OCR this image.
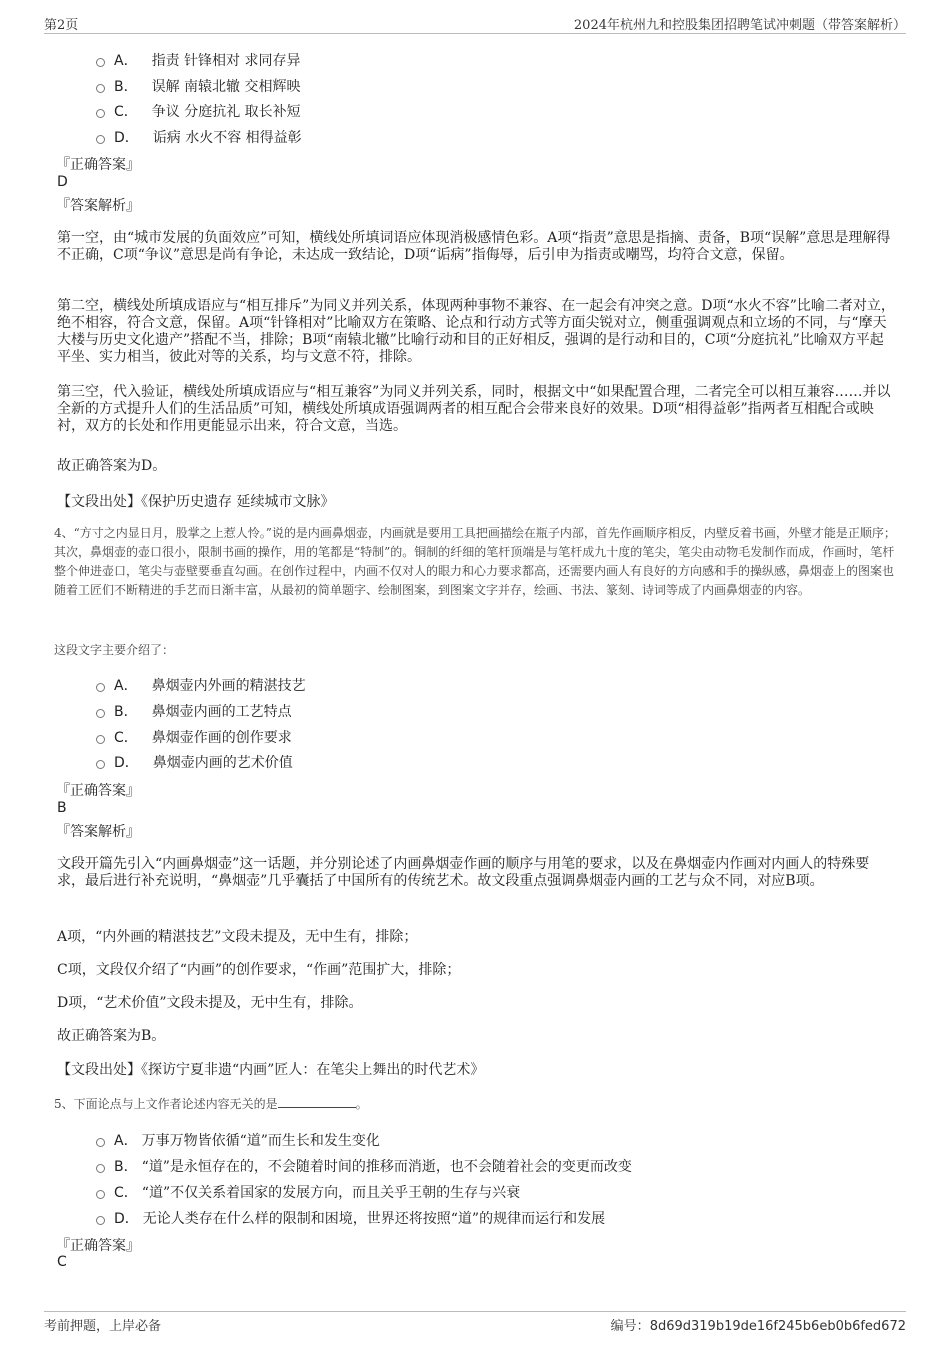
第2页	2024年杭州九和控股集团招聘笔试冲刺题（带答案解析）
A． 指责 针锋相对 求同存异
B． 误解 南辕北辙 交相辉映
C． 争议 分庭抗礼 取长补短
D． 诟病 水火不容 相得益彰
『正确答案』
D
『答案解析』
第一空，由“城市发展的负面效应”可知，横线处所填词语应体现消极感情色彩。A项“指责”意思是指摘、责备，B项“误解”意思是理解得不正确，C项“争议”意思是尚有争论，未达成一致结论，D项“诟病”指侮辱，后引申为指责或嘲骂，均符合文意，保留。
第二空，横线处所填成语应与“相互排斥”为同义并列关系，体现两种事物不兼容、在一起会有冲突之意。D项“水火不容”比喻二者对立，绝不相容，符合文意，保留。A项“针锋相对”比喻双方在策略、论点和行动方式等方面尖锐对立，侧重强调观点和立场的不同，与“摩天大楼与历史文化遗产”搭配不当，排除；B项“南辕北辙”比喻行动和目的正好相反，强调的是行动和目的，C项“分庭抗礼”比喻双方平起平坐、实力相当，彼此对等的关系，均与文意不符，排除。
第三空，代入验证，横线处所填成语应与“相互兼容”为同义并列关系，同时，根据文中“如果配置合理，二者完全可以相互兼容……并以全新的方式提升人们的生活品质”可知，横线处所填成语强调两者的相互配合会带来良好的效果。D项“相得益彰”指两者互相配合或映衬，双方的长处和作用更能显示出来，符合文意，当选。
故正确答案为D。
【文段出处】《保护历史遗存 延续城市文脉》
4、“方寸之内显日月，股掌之上惹人怜。”说的是内画鼻烟壶，内画就是要用工具把画描绘在瓶子内部，首先作画顺序相反，内壁反着书画，外壁才能是正顺序；其次，鼻烟壶的壶口很小，限制书画的操作，用的笔都是“特制”的。铜制的纤细的笔杆顶端是与笔杆成九十度的笔尖，笔尖由动物毛发制作而成，作画时，笔杆整个伸进壶口，笔尖与壶壁要垂直勾画。在创作过程中，内画不仅对人的眼力和心力要求都高，还需要内画人有良好的方向感和手的操纵感，鼻烟壶上的图案也随着工匠们不断精进的手艺而日渐丰富，从最初的简单题字、绘制图案，到图案文字并存，绘画、书法、篆刻、诗词等成了内画鼻烟壶的内容。
这段文字主要介绍了：
A． 鼻烟壶内外画的精湛技艺
B． 鼻烟壶内画的工艺特点
C． 鼻烟壶作画的创作要求
D． 鼻烟壶内画的艺术价值
『正确答案』
B
『答案解析』
文段开篇先引入“内画鼻烟壶”这一话题，并分别论述了内画鼻烟壶作画的顺序与用笔的要求，以及在鼻烟壶内作画对内画人的特殊要求，最后进行补充说明，“鼻烟壶”几乎囊括了中国所有的传统艺术。故文段重点强调鼻烟壶内画的工艺与众不同，对应B项。
A项，“内外画的精湛技艺”文段未提及，无中生有，排除；
C项，文段仅介绍了“内画”的创作要求，“作画”范围扩大，排除；
D项，“艺术价值”文段未提及，无中生有，排除。
故正确答案为B。
【文段出处】《探访宁夏非遗“内画”匠人：在笔尖上舞出的时代艺术》
5、下面论点与上文作者论述内容无关的是	。
A． 万事万物皆依循“道”而生长和发生变化
B． “道”是永恒存在的，不会随着时间的推移而消逝，也不会随着社会的变更而改变
C． “道”不仅关系着国家的发展方向，而且关乎王朝的生存与兴衰
D． 无论人类存在什么样的限制和困境，世界还将按照“道”的规律而运行和发展
『正确答案』
C
考前押题，上岸必备	编号：8d69d319b19de16f245b6eb0b6fed672
